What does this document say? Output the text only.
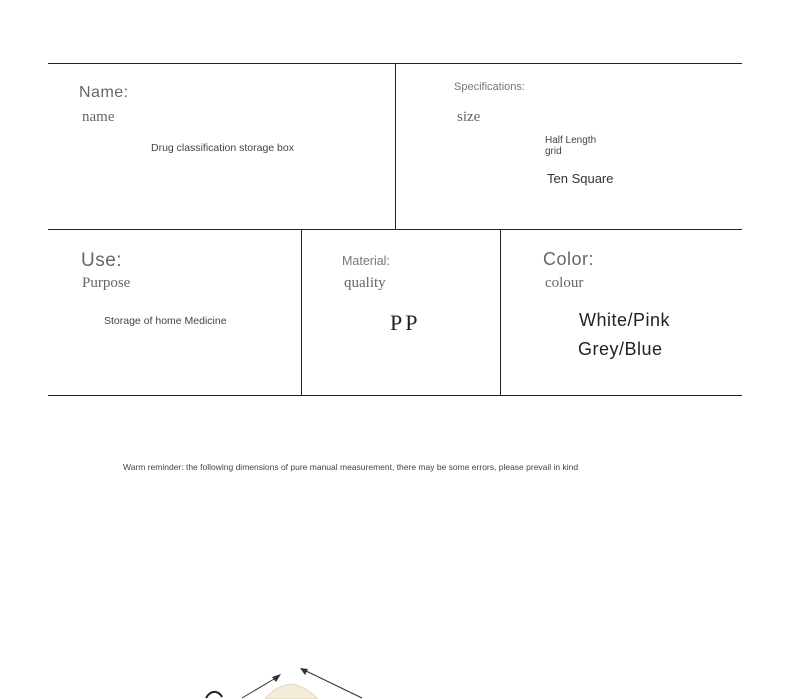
Name:
name
Drug classification storage box
Specifications:
size
Half Length grid
Ten Square
Use:
Purpose
Storage of home Medicine
Material:
quality
PP
Color:
colour
White/Pink
Grey/Blue
Warm reminder: the following dimensions of pure manual measurement, there may be some errors, please prevail in kind
